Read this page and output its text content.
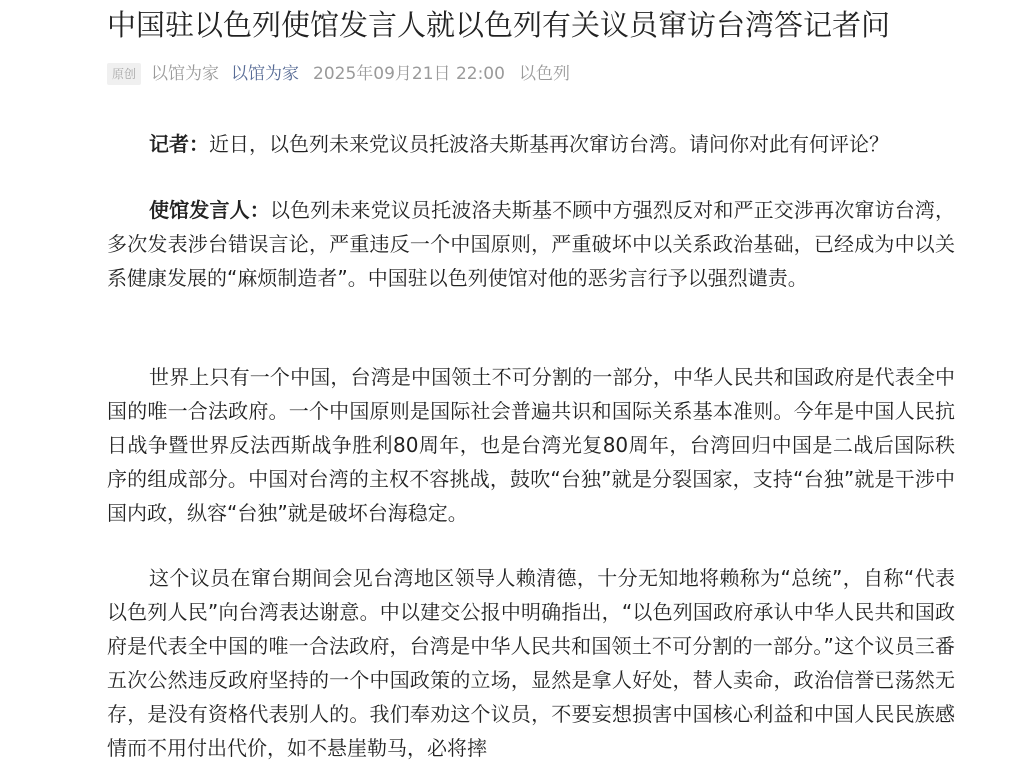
中国驻以色列使馆发言人就以色列有关议员窜访台湾答记者问
原创 以馆为家 以馆为家 2025年09月21日 22:00 以色列

记者：近日，以色列未来党议员托波洛夫斯基再次窜访台湾。请问你对此有何评论？

使馆发言人：以色列未来党议员托波洛夫斯基不顾中方强烈反对和严正交涉再次窜访台湾，多次发表涉台错误言论，严重违反一个中国原则，严重破坏中以关系政治基础，已经成为中以关系健康发展的“麻烦制造者”。中国驻以色列使馆对他的恶劣言行予以强烈谴责。

世界上只有一个中国，台湾是中国领土不可分割的一部分，中华人民共和国政府是代表全中国的唯一合法政府。一个中国原则是国际社会普遍共识和国际关系基本准则。今年是中国人民抗日战争暨世界反法西斯战争胜利80周年，也是台湾光复80周年，台湾回归中国是二战后国际秩序的组成部分。中国对台湾的主权不容挑战，鼓吹“台独”就是分裂国家，支持“台独”就是干涉中国内政，纵容“台独”就是破坏台海稳定。

这个议员在窜台期间会见台湾地区领导人赖清德，十分无知地将赖称为“总统”，自称“代表以色列人民”向台湾表达谢意。中以建交公报中明确指出，“以色列国政府承认中华人民共和国政府是代表全中国的唯一合法政府，台湾是中华人民共和国领土不可分割的一部分。”这个议员三番五次公然违反政府坚持的一个中国政策的立场，显然是拿人好处，替人卖命，政治信誉已荡然无存，是没有资格代表别人的。我们奉劝这个议员，不要妄想损害中国核心利益和中国人民民族感情而不用付出代价，如不悬崖勒马，必将摔
